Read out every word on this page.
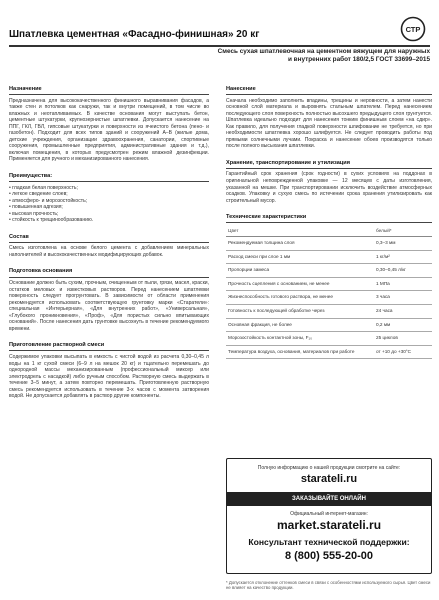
Шпатлевка цементная «Фасадно-финишная» 20 кг	СТР
Смесь сухая шпатлевочная на цементном вяжущем для наружных
и внутренних работ 180/2,5 ГОСТ 33699–2015
Назначение
Предназначена для высококачественного финишного выравнивания фасадов, а также стен и потолков как снаружи, так и внутри помещений, в том числе во влажных и неотапливаемых. В качестве основания могут выступать бетон, цементные штукатурки, крупнозернистые шпатлевки. Допускается нанесение на ППГ, ГКЛ, ГВЛ, гипсовые штукатурки и поверхности из ячеистого бетона (пено- и газобетон). Подходит для всех типов зданий и сооружений А–В (жилые дома, детские учреждения, организации здравоохранения, санатории, спортивные сооружения, промышленные предприятия, административные здания и т.д.), включая помещения, в которых предусмотрен режим влажной дезинфекции. Применяется для ручного и механизированного нанесения.
Преимущества:
• гладкая белая поверхность;
• легкое сведение слоев;
• атмосферо- и морозостойкость;
• повышенная адгезия;
• высокая прочность;
• стойкость к трещинообразованию.
Состав
Смесь изготовлена на основе белого цемента с добавлением минеральных наполнителей и высококачественных модифицирующих добавок.
Подготовка основания
Основание должно быть сухим, прочным, очищенным от пыли, грязи, масел, краски, остатков меловых и известковых растворов. Перед нанесением шпатлевки поверхность следует прогрунтовать. В зависимости от области применения рекомендуется использовать соответствующую грунтовку марки «Старатели»: специальная «Интерьерная», «Для внутренних работ», «Универсальная», «Глубокого проникновения», «Проф», «Для пористых сильно впитывающих оснований». После нанесения дать грунтовке высохнуть в течение рекомендуемого времени.
Приготовление растворной смеси
Содержимое упаковки высыпать в емкость с чистой водой из расчета 0,30–0,45 л воды на 1 кг сухой смеси (6–9 л на мешок 20 кг) и тщательно перемешать до однородной массы механизированным (профессиональный миксер или электродрель с насадкой) либо ручным способом. Растворную смесь выдержать в течение 3–5 минут, а затем повторно перемешать. Приготовленную растворную смесь рекомендуется использовать в течение 3-х часов с момента затворения водой. Не допускается добавлять в раствор другие компоненты.
Нанесение
Сначала необходимо заполнить впадины, трещины и неровности, а затем нанести основной слой материала и выровнять стальным шпателем. Перед нанесением последующего слоя поверхность полностью высохшего предыдущего слоя грунтуется. Шпатлевка идеально подходит для нанесения тонким финишным слоем «на сдир». Как правило, для получения гладкой поверхности шлифование не требуется, но при необходимости шпатлевка хорошо шлифуется. Не следует проводить работы под прямыми солнечными лучами. Покраска и нанесение обоев производятся только после полного высыхания шпатлевки.
Хранение, транспортирование и утилизация
Гарантийный срок хранения (срок годности) в сухих условиях на поддонах в оригинальной неповрежденной упаковке — 12 месяцев с даты изготовления, указанной на мешке. При транспортировании исключить воздействие атмосферных осадков. Упаковку и сухую смесь по истечении срока хранения утилизировать как строительный мусор.
Технические характеристики
Цвет	белый*
Рекомендуемая толщина слоя	0,3–3 мм
Расход смеси при слое 1 мм	1 кг/м²
Пропорции замеса	0,30–0,45 л/кг
Прочность сцепления с основанием, не менее	1 МПа
Жизнеспособность готового раствора, не менее	3 часа
Готовность к последующей обработке через	24 часа
Основная фракция, не более	0,2 мм
Морозостойкость контактной зоны, F₁₀	25 циклов
Температура воздуха, основания, материалов при работе	от +10 до +30°C
Полную информацию о нашей продукции смотрите на сайте:
starateli.ru
ЗАКАЗЫВАЙТЕ ОНЛАЙН
Официальный интернет-магазин:
market.starateli.ru
Консультант технической поддержки:
8 (800) 555-20-00
* Допускается отклонение оттенков смеси в связи с особенностями используемого сырья. Цвет смеси не влияет на качество продукции.
